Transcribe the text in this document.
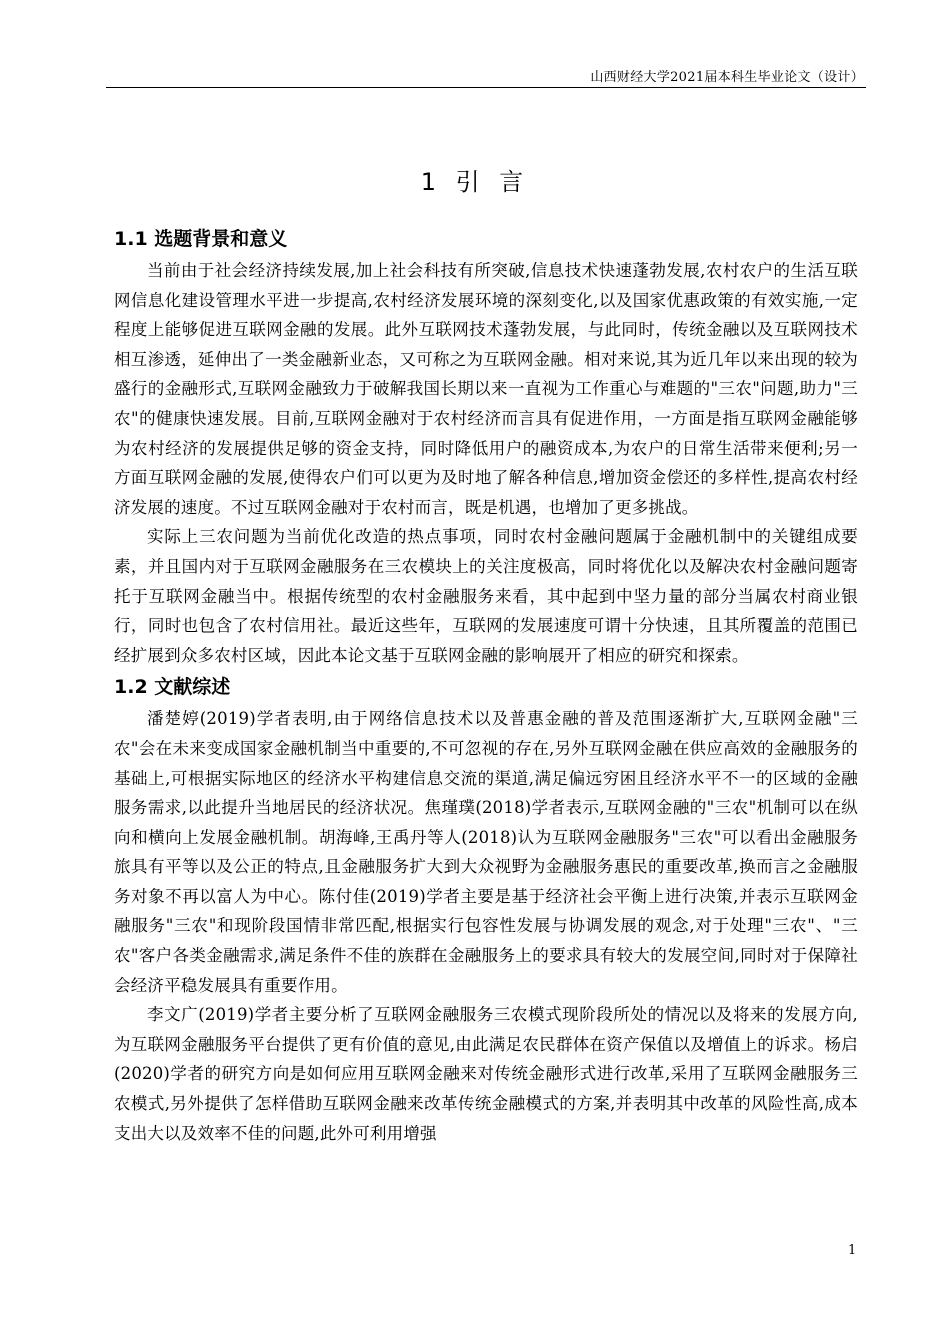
山西财经大学2021届本科生毕业论文（设计）
1 引 言
1.1 选题背景和意义

当前由于社会经济持续发展,加上社会科技有所突破,信息技术快速蓬勃发展,农村农户的生活互联网信息化建设管理水平进一步提高,农村经济发展环境的深刻变化,以及国家优惠政策的有效实施,一定程度上能够促进互联网金融的发展。此外互联网技术蓬勃发展，与此同时，传统金融以及互联网技术相互渗透，延伸出了一类金融新业态，又可称之为互联网金融。相对来说,其为近几年以来出现的较为盛行的金融形式,互联网金融致力于破解我国长期以来一直视为工作重心与难题的"三农"问题,助力"三农"的健康快速发展。目前,互联网金融对于农村经济而言具有促进作用，一方面是指互联网金融能够为农村经济的发展提供足够的资金支持，同时降低用户的融资成本,为农户的日常生活带来便利;另一方面互联网金融的发展,使得农户们可以更为及时地了解各种信息,增加资金偿还的多样性,提高农村经济发展的速度。不过互联网金融对于农村而言，既是机遇，也增加了更多挑战。

实际上三农问题为当前优化改造的热点事项，同时农村金融问题属于金融机制中的关键组成要素，并且国内对于互联网金融服务在三农模块上的关注度极高，同时将优化以及解决农村金融问题寄托于互联网金融当中。根据传统型的农村金融服务来看，其中起到中坚力量的部分当属农村商业银行，同时也包含了农村信用社。最近这些年，互联网的发展速度可谓十分快速，且其所覆盖的范围已经扩展到众多农村区域，因此本论文基于互联网金融的影响展开了相应的研究和探索。

1.2 文献综述

潘楚婷(2019)学者表明,由于网络信息技术以及普惠金融的普及范围逐渐扩大,互联网金融"三农"会在未来变成国家金融机制当中重要的,不可忽视的存在,另外互联网金融在供应高效的金融服务的基础上,可根据实际地区的经济水平构建信息交流的渠道,满足偏远穷困且经济水平不一的区域的金融服务需求,以此提升当地居民的经济状况。焦瑾璞(2018)学者表示,互联网金融的"三农"机制可以在纵向和横向上发展金融机制。胡海峰,王禹丹等人(2018)认为互联网金融服务"三农"可以看出金融服务旅具有平等以及公正的特点,且金融服务扩大到大众视野为金融服务惠民的重要改革,换而言之金融服务对象不再以富人为中心。陈付佳(2019)学者主要是基于经济社会平衡上进行决策,并表示互联网金融服务"三农"和现阶段国情非常匹配,根据实行包容性发展与协调发展的观念,对于处理"三农"、"三农"客户各类金融需求,满足条件不佳的族群在金融服务上的要求具有较大的发展空间,同时对于保障社会经济平稳发展具有重要作用。

李文广(2019)学者主要分析了互联网金融服务三农模式现阶段所处的情况以及将来的发展方向,为互联网金融服务平台提供了更有价值的意见,由此满足农民群体在资产保值以及增值上的诉求。杨启(2020)学者的研究方向是如何应用互联网金融来对传统金融形式进行改革,采用了互联网金融服务三农模式,另外提供了怎样借助互联网金融来改革传统金融模式的方案,并表明其中改革的风险性高,成本支出大以及效率不佳的问题,此外可利用增强

1
